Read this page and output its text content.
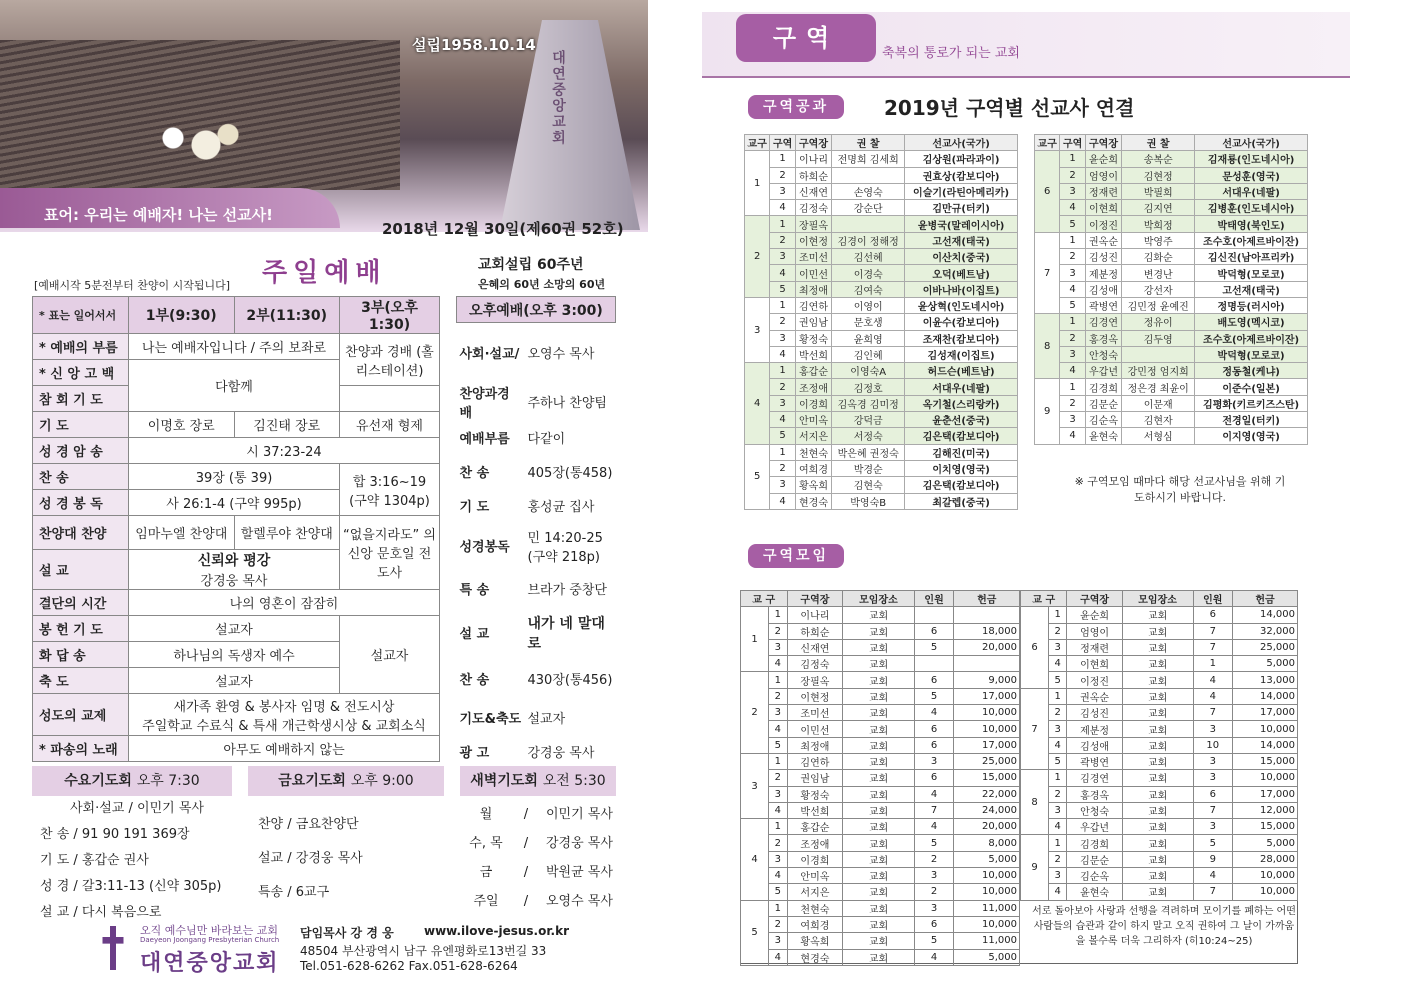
대연중앙교회
설립1958.10.14
표어: 우리는 예배자! 나는 선교사!
2018년 12월 30일(제60권 52호)
주일예배
[예배시작 5분전부터 찬양이 시작됩니다]
교회설립 60주년
은혜의 60년 소망의 60년
* 표는 일어서서	1부(9:30)	2부(11:30)	3부(오후 1:30)
* 예배의 부름	나는 예배자입니다 / 주의 보좌로		찬양과 경배 (홀리스테이션)
* 신 앙 고 백	다함께		
참 회 기 도			
기 도	이명호 장로	김진태 장로	유선재 형제
성 경 암 송	시 37:23-24		
찬 송	39장 (통 39)		합 3:16~19 (구약 1304p)
성 경 봉 독	사 26:1-4 (구약 995p)		
찬양대 찬양	임마누엘 찬양대	할렐루야 찬양대	“없을지라도” 의 신앙 문호일 전도사
설 교	신뢰와 평강
강경웅 목사		

결단의 시간	나의 영혼이 잠잠히		
봉 헌 기 도	설교자		설교자
화 답 송	하나님의 독생자 예수		
축 도	설교자		
성도의 교제	새가족 환영 & 봉사자 임명 & 전도시상
주일학교 수료식 & 특새 개근학생시상 & 교회소식		

* 파송의 노래	아무도 예배하지 않는		
오후예배(오후 3:00)	
사회·설교/	오영수 목사
찬양과경배	주하나 찬양팀
예배부름	다같이
찬 송	405장(통458)
기 도	홍성균 집사
성경봉독	민 14:20-25 (구약 218p)
특 송	브라가 중창단
설 교	내가 네 말대로
찬 송	430장(통456)
기도&축도	설교자
광 고	강경웅 목사
수요기도회 오후 7:30	금요기도회 오후 9:00	새벽기도회 오전 5:30
사회·설교 / 이민기 목사
찬 송 / 91 90 191 369장
기 도 / 홍갑순 권사
성 경 / 갈3:11-13 (신약 305p)
설 교 / 다시 복음으로
찬양 / 금요찬양단
설교 / 강경웅 목사
특송 / 6교구
월	/ 이민기 목사
수, 목 / 강경웅 목사
금	/ 박원균 목사
주일	/ 오영수 목사
오직 예수님만 바라보는 교회
Daeyeon Joongang Presbyterian Church
대연중앙교회
담임목사 강 경 웅	www.ilove-jesus.or.kr
48504 부산광역시 남구 유엔평화로13번길 33
Tel.051-628-6262 Fax.051-628-6264
구역
축복의 통로가 되는 교회
구역공과	2019년 구역별 선교사 연결
교구	구역	구역장	권 찰	선교사(국가)
1	1	이나리	전명희 김세희	김상원(파라과이)
	2	하희순		권효상(캄보디아)
	3	신재연	손영숙	이슬기(라틴아메리카)
	4	김정숙	강순단	김만규(터키)
2	1	장필옥		윤병국(말레이시아)
	2	이현정	김경이 정해정	고선재(태국)
	3	조미선	김선혜	이산치(중국)
	4	이민선	이경숙	오덕(베트남)
	5	최정애	김여숙	이바나바(이집트)
3	1	김연하	이영이	윤상혁(인도네시아)
	2	권임남	문호생	이윤수(캄보디아)
	3	황정숙	윤희영	조재찬(캄보디아)
	4	박선희	김인혜	김성재(이집트)
4	1	홍갑순	이영숙A	허드슨(베트남)
	2	조정애	김정호	서대우(네팔)
	3	이경희	김옥경 김미정	옥기철(스리랑카)
	4	안미옥	강덕금	윤춘선(중국)
	5	서지은	서정숙	김은택(캄보디아)
5	1	천현숙	박은혜 권정숙	김해진(미국)
	2	여희경	박경순	이치영(영국)
	3	황옥희	김현숙	김은택(캄보디아)
	4	현경숙	박영숙B	최갈렙(중국)
교구	구역	구역장	권 찰	선교사(국가)
6	1	윤순희	송복순	김재룡(인도네시아)
	2	엄영이	김현정	문성훈(영국)
	3	정재련	박필희	서대우(네팔)
	4	이현희	김지연	김병훈(인도네시아)
	5	이정진	박희정	박태영(북인도)
7	1	권옥순	박영주	조수호(아제르바이잔)
	2	김성진	김화순	김신진(남아프리카)
	3	제분정	변경난	박덕형(모로코)
	4	김성애	강선자	고선재(태국)
	5	곽병연	김민정 윤예진	정명등(러시아)
8	1	김경연	정유이	배도영(멕시코)
	2	홍경옥	김두영	조수호(아제르바이잔)
	3	안청숙		박덕형(모로코)
	4	우갑년	강민정 엄지희	정동철(케냐)
9	1	김경희	정은경 최윤이	이준수(일본)
	2	김문순	이문재	김평화(키르키즈스탄)
	3	김순옥	김현자	전경일(터키)
	4	윤현숙	서형심	이지영(영국)
※ 구역모임 때마다 해당 선교사님을 위해 기도하시기 바랍니다.
구역모임
교 구		구역장	모임장소	인원	헌금
1	1	이나리	교회		
	2	하희순	교회	6	18,000
	3	신재연	교회	5	20,000
	4	김정숙	교회		
2	1	장필옥	교회	6	9,000
	2	이현정	교회	5	17,000
	3	조미선	교회	4	10,000
	4	이민선	교회	6	10,000
	5	최정애	교회	6	17,000
3	1	김연하	교회	3	25,000
	2	권임남	교회	6	15,000
	3	황정숙	교회	4	22,000
	4	박선희	교회	7	24,000
4	1	홍갑순	교회	4	20,000
	2	조정애	교회	5	8,000
	3	이경희	교회	2	5,000
	4	안미옥	교회	3	10,000
	5	서지은	교회	2	10,000
5	1	천현숙	교회	3	11,000
	2	여희경	교회	6	10,000
	3	황옥희	교회	5	11,000
	4	현경숙	교회	4	5,000
교 구		구역장	모임장소	인원	헌금
6	1	윤순희	교회	6	14,000
	2	엄영이	교회	7	32,000
	3	정재련	교회	7	25,000
	4	이현희	교회	1	5,000
	5	이정진	교회	4	13,000
7	1	권옥순	교회	4	14,000
	2	김성진	교회	7	17,000
	3	제분정	교회	3	10,000
	4	김성애	교회	10	14,000
	5	곽병연	교회	3	15,000
8	1	김경연	교회	3	10,000
	2	홍경옥	교회	6	17,000
	3	안청숙	교회	7	12,000
	4	우갑년	교회	3	15,000
9	1	김경희	교회	5	5,000
	2	김문순	교회	9	28,000
	3	김순옥	교회	4	10,000
	4	윤현숙	교회	7	10,000
서로 돌아보아 사랑과 선행을 격려하며 모이기를 폐하는 어떤 사람들의 습관과 같이 하지 말고 오직 권하여 그 날이 가까움을 볼수록 더욱 그리하자 (히10:24~25)
